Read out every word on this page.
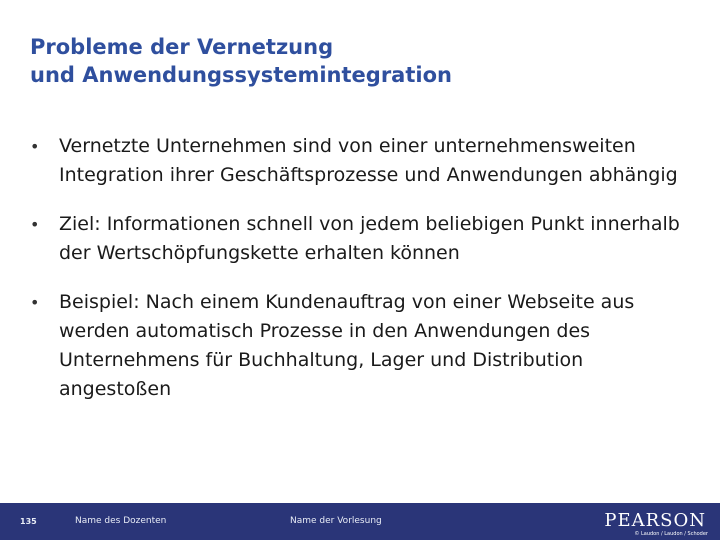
Probleme der Vernetzung
und Anwendungssystemintegration
• Vernetzte Unternehmen sind von einer unternehmensweiten Integration ihrer Geschäftsprozesse und Anwendungen abhängig
• Ziel: Informationen schnell von jedem beliebigen Punkt innerhalb der Wertschöpfungskette erhalten können
• Beispiel: Nach einem Kundenauftrag von einer Webseite aus werden automatisch Prozesse in den Anwendungen des Unternehmens für Buchhaltung, Lager und Distribution angestoßen
135	Name des Dozenten	Name der Vorlesung	PEARSON
© Laudon / Laudon / Schoder
